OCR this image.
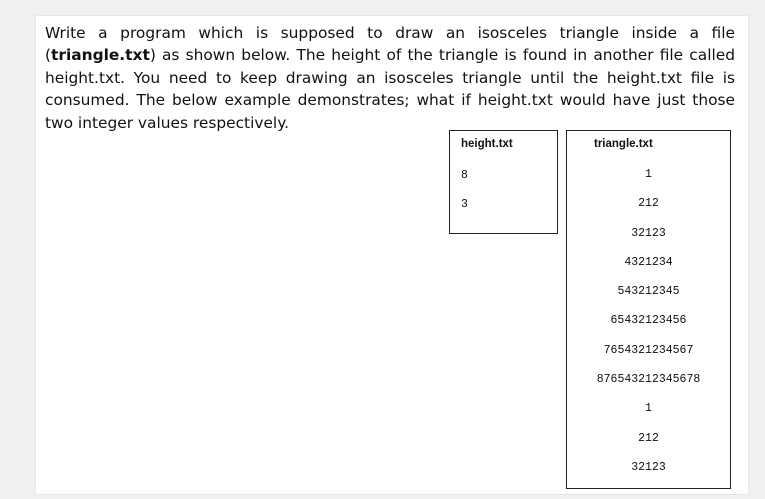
Write a program which is supposed to draw an isosceles triangle inside a file (triangle.txt) as shown below. The height of the triangle is found in another file called height.txt. You need to keep drawing an isosceles triangle until the height.txt file is consumed. The below example demonstrates; what if height.txt would have just those two integer values respectively.

height.txt
8
3
triangle.txt
1
212
32123
4321234
543212345
65432123456
7654321234567
876543212345678
1
212
32123
